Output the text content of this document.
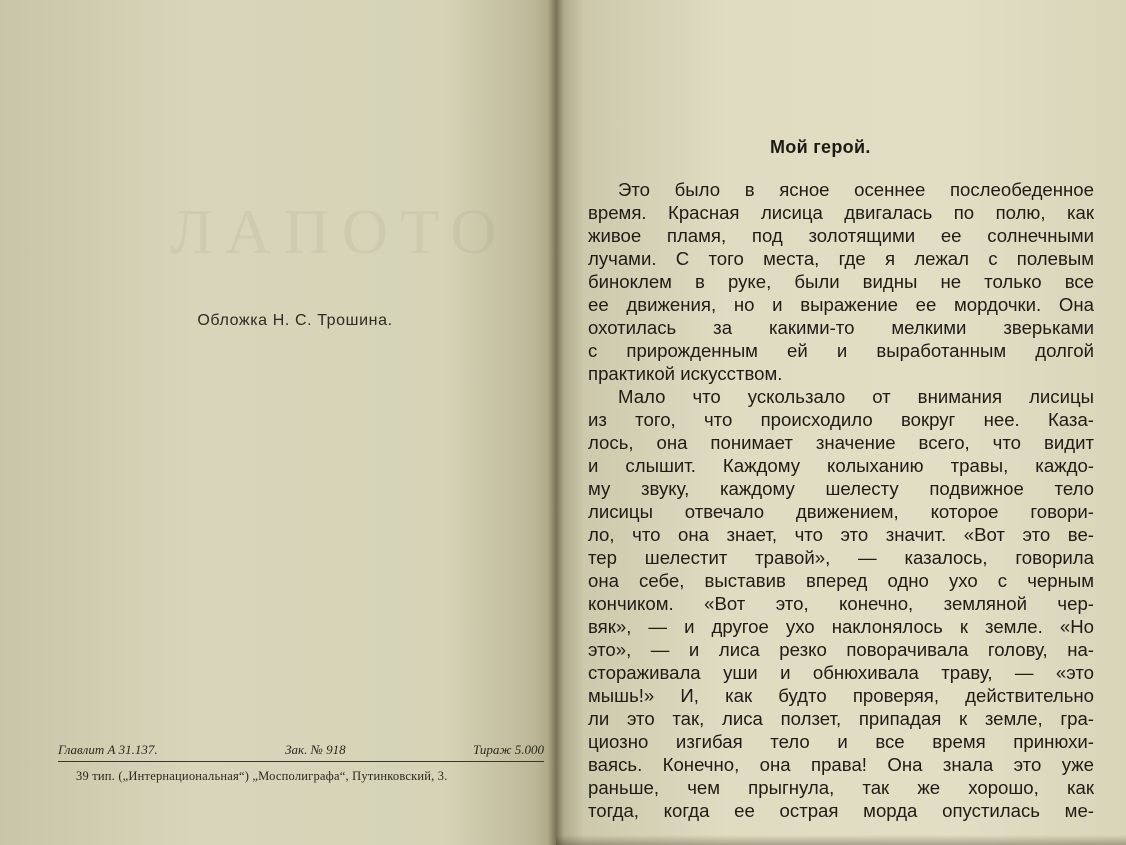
ЛАПОТО
Обложка Н. С. Трошина.
Главлит А 31.137.	Зак. № 918	Тираж 5.000
39 тип. („Интернациональная“) „Мосполиграфа“, Путинковский, 3.
Мой герой.
Это было в ясное осеннее послеобеденное
время. Красная лисица двигалась по полю, как
живое пламя, под золотящими ее солнечными
лучами. С того места, где я лежал с полевым
биноклем в руке, были видны не только все
ее движения, но и выражение ее мордочки. Она
охотилась за какими-то мелкими зверьками
с прирожденным ей и выработанным долгой
практикой искусством.
Мало что ускользало от внимания лисицы
из того, что происходило вокруг нее. Каза-
лось, она понимает значение всего, что видит
и слышит. Каждому колыханию травы, каждо-
му звуку, каждому шелесту подвижное тело
лисицы отвечало движением, которое говори-
ло, что она знает, что это значит. «Вот это ве-
тер шелестит травой», — казалось, говорила
она себе, выставив вперед одно ухо с черным
кончиком. «Вот это, конечно, земляной чер-
вяк», — и другое ухо наклонялось к земле. «Но
это», — и лиса резко поворачивала голову, на-
сторaживала уши и обнюхивала траву, — «это
мышь!» И, как будто проверяя, действительно
ли это так, лиса ползет, припадая к земле, гра-
циозно изгибая тело и все время принюхи-
ваясь. Конечно, она права! Она знала это уже
раньше, чем прыгнула, так же хорошо, как
тогда, когда ее острая морда опустилась ме-
